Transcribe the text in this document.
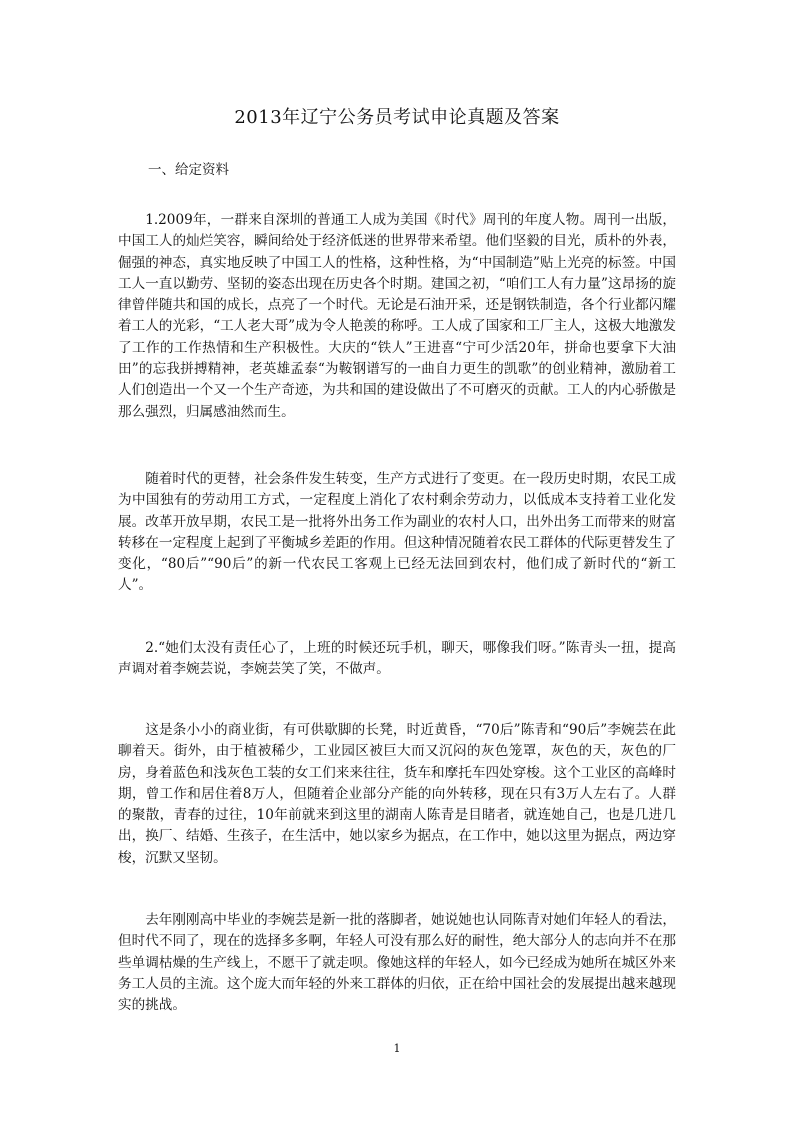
2013年辽宁公务员考试申论真题及答案
一、给定资料

1.2009年，一群来自深圳的普通工人成为美国《时代》周刊的年度人物。周刊一出版，中国工人的灿烂笑容，瞬间给处于经济低迷的世界带来希望。他们坚毅的目光，质朴的外表，倔强的神态，真实地反映了中国工人的性格，这种性格，为“中国制造”贴上光亮的标签。中国工人一直以勤劳、坚韧的姿态出现在历史各个时期。建国之初，“咱们工人有力量”这昂扬的旋律曾伴随共和国的成长，点亮了一个时代。无论是石油开采，还是钢铁制造，各个行业都闪耀着工人的光彩，“工人老大哥”成为令人艳羡的称呼。工人成了国家和工厂主人，这极大地激发了工作的工作热情和生产积极性。大庆的“铁人”王进喜“宁可少活20年，拼命也要拿下大油田”的忘我拼搏精神，老英雄孟泰“为鞍钢谱写的一曲自力更生的凯歌”的创业精神，激励着工人们创造出一个又一个生产奇迹，为共和国的建设做出了不可磨灭的贡献。工人的内心骄傲是那么强烈，归属感油然而生。

随着时代的更替，社会条件发生转变，生产方式进行了变更。在一段历史时期，农民工成为中国独有的劳动用工方式，一定程度上消化了农村剩余劳动力，以低成本支持着工业化发展。改革开放早期，农民工是一批将外出务工作为副业的农村人口，出外出务工而带来的财富转移在一定程度上起到了平衡城乡差距的作用。但这种情况随着农民工群体的代际更替发生了变化，“80后”“90后”的新一代农民工客观上已经无法回到农村，他们成了新时代的“新工人”。

2.“她们太没有责任心了，上班的时候还玩手机，聊天，哪像我们呀。”陈青头一扭，提高声调对着李婉芸说，李婉芸笑了笑，不做声。

这是条小小的商业街，有可供歇脚的长凳，时近黄昏，“70后”陈青和“90后”李婉芸在此聊着天。街外，由于植被稀少，工业园区被巨大而又沉闷的灰色笼罩，灰色的天，灰色的厂房，身着蓝色和浅灰色工装的女工们来来往往，货车和摩托车四处穿梭。这个工业区的高峰时期，曾工作和居住着8万人，但随着企业部分产能的向外转移，现在只有3万人左右了。人群的聚散，青春的过往，10年前就来到这里的湖南人陈青是目睹者，就连她自己，也是几进几出，换厂、结婚、生孩子，在生活中，她以家乡为据点，在工作中，她以这里为据点，两边穿梭，沉默又坚韧。

去年刚刚高中毕业的李婉芸是新一批的落脚者，她说她也认同陈青对她们年轻人的看法，但时代不同了，现在的选择多多啊，年轻人可没有那么好的耐性，绝大部分人的志向并不在那些单调枯燥的生产线上，不愿干了就走呗。像她这样的年轻人，如今已经成为她所在城区外来务工人员的主流。这个庞大而年轻的外来工群体的归依，正在给中国社会的发展提出越来越现实的挑战。

1
